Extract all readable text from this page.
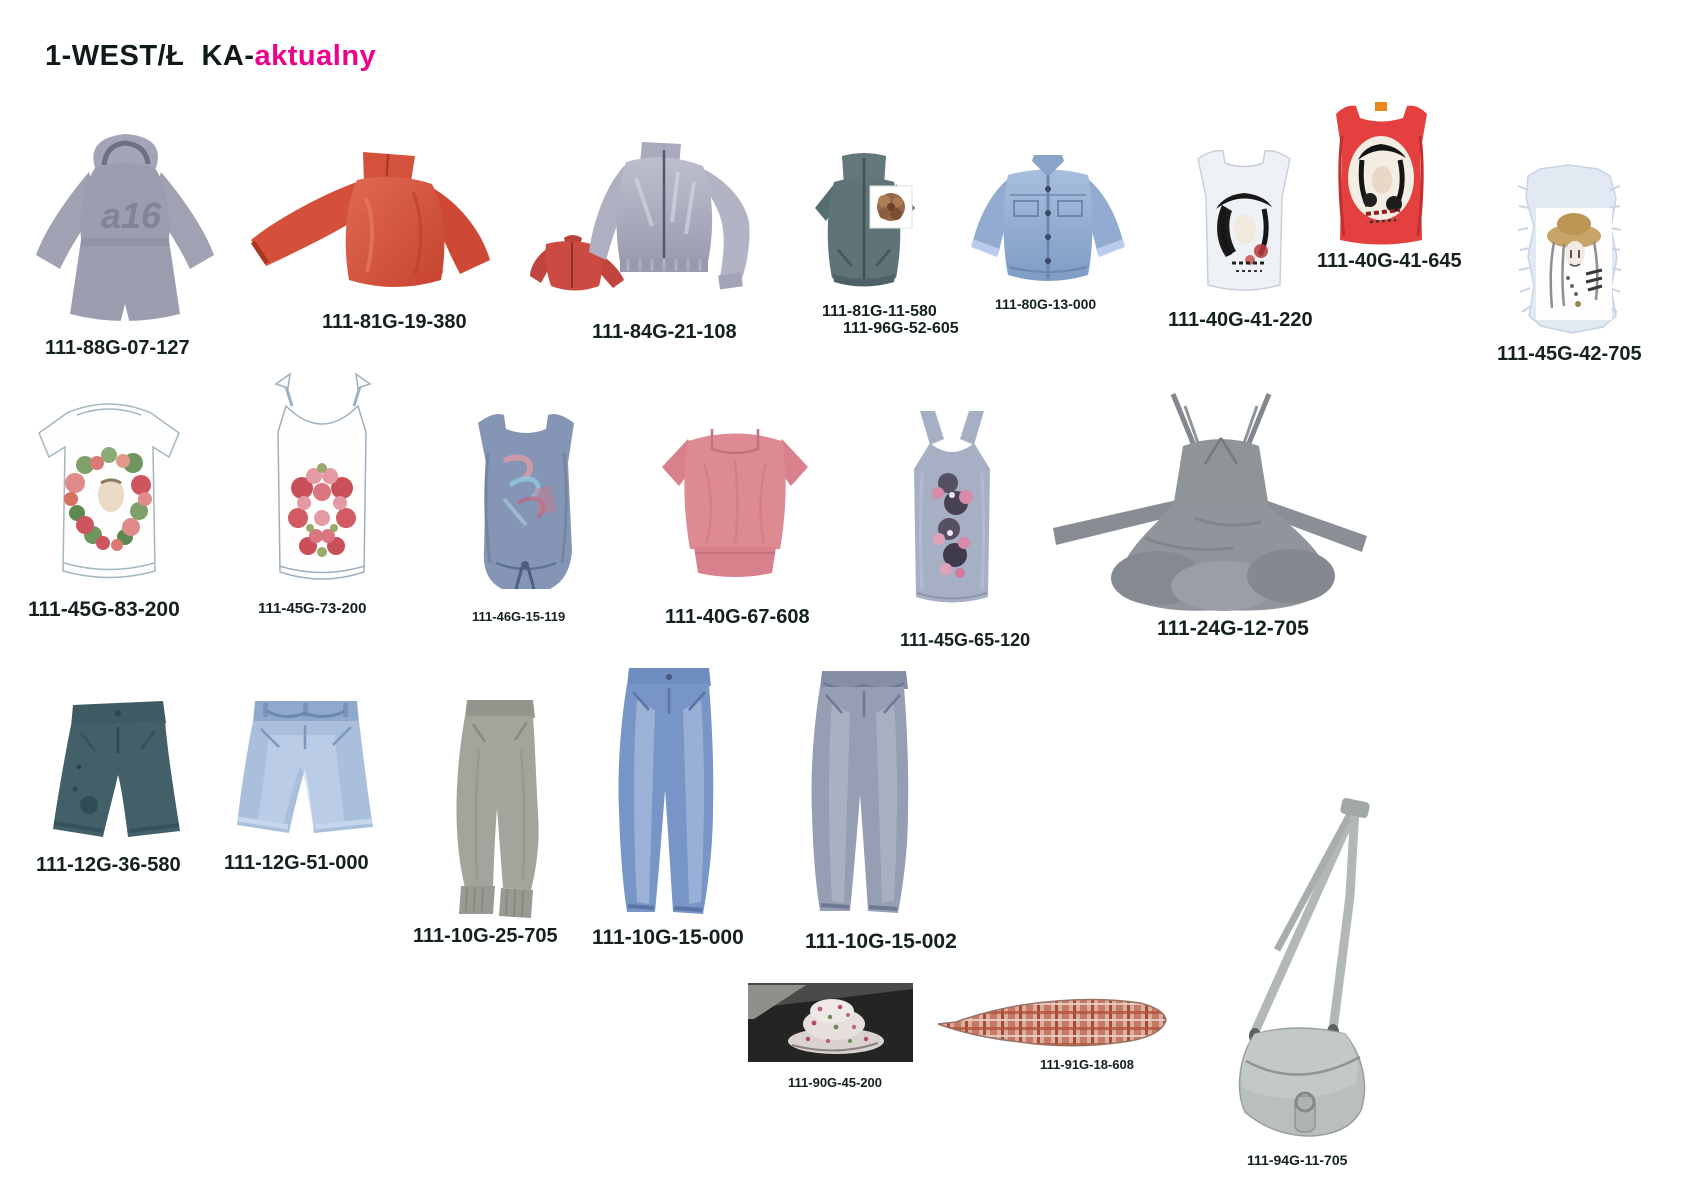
1-WEST/Ł  KA-aktualny
a16
111-88G-07-127
111-81G-19-380	111-84G-21-108
111-81G-11-580
111-96G-52-605
111-80G-13-000
111-40G-41-220
111-40G-41-645
111-45G-42-705
111-45G-83-200	111-45G-73-200	111-46G-15-119	111-40G-67-608
111-45G-65-120	111-24G-12-705
111-12G-36-580 111-12G-51-000
111-10G-25-705 111-10G-15-000	111-10G-15-002
111-90G-45-200
111-91G-18-608
111-94G-11-705
